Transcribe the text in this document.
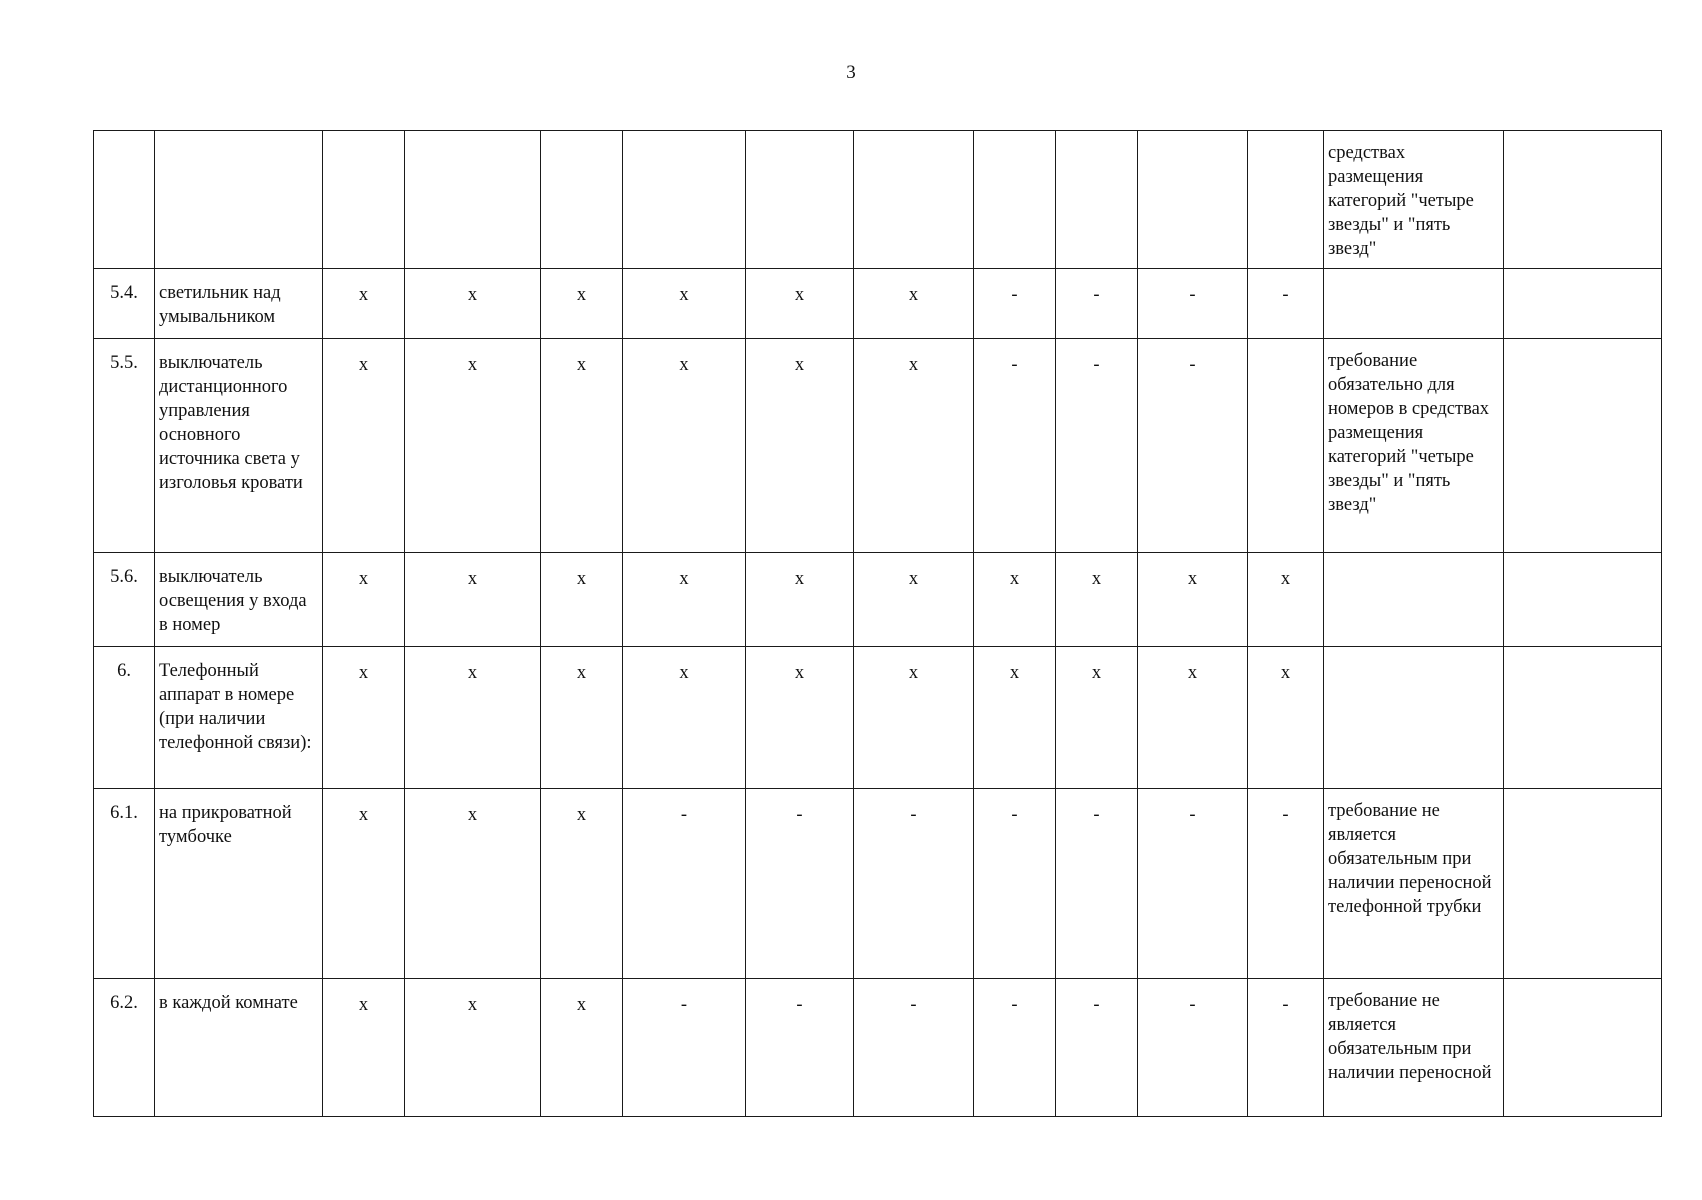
3
												средствах размещения категорий "четыре звезды" и "пять звезд"	
5.4.	светильник над умывальником	x	x	x	x	x	x	-	-	-	-		
5.5.	выключатель дистанционного управления основного источника света у изголовья кровати	x	x	x	x	x	x	-	-	-		требование обязательно для номеров в средствах размещения категорий "четыре звезды" и "пять звезд"	
5.6.	выключатель освещения у входа в номер	x	x	x	x	x	x	x	x	x	x		
6.	Телефонный аппарат в номере (при наличии телефонной связи):	x	x	x	x	x	x	x	x	x	x		
6.1.	на прикроватной тумбочке	x	x	x	-	-	-	-	-	-	-	требование не является обязательным при наличии переносной телефонной трубки	
6.2.	в каждой комнате	x	x	x	-	-	-	-	-	-	-	требование не является обязательным при наличии переносной	
